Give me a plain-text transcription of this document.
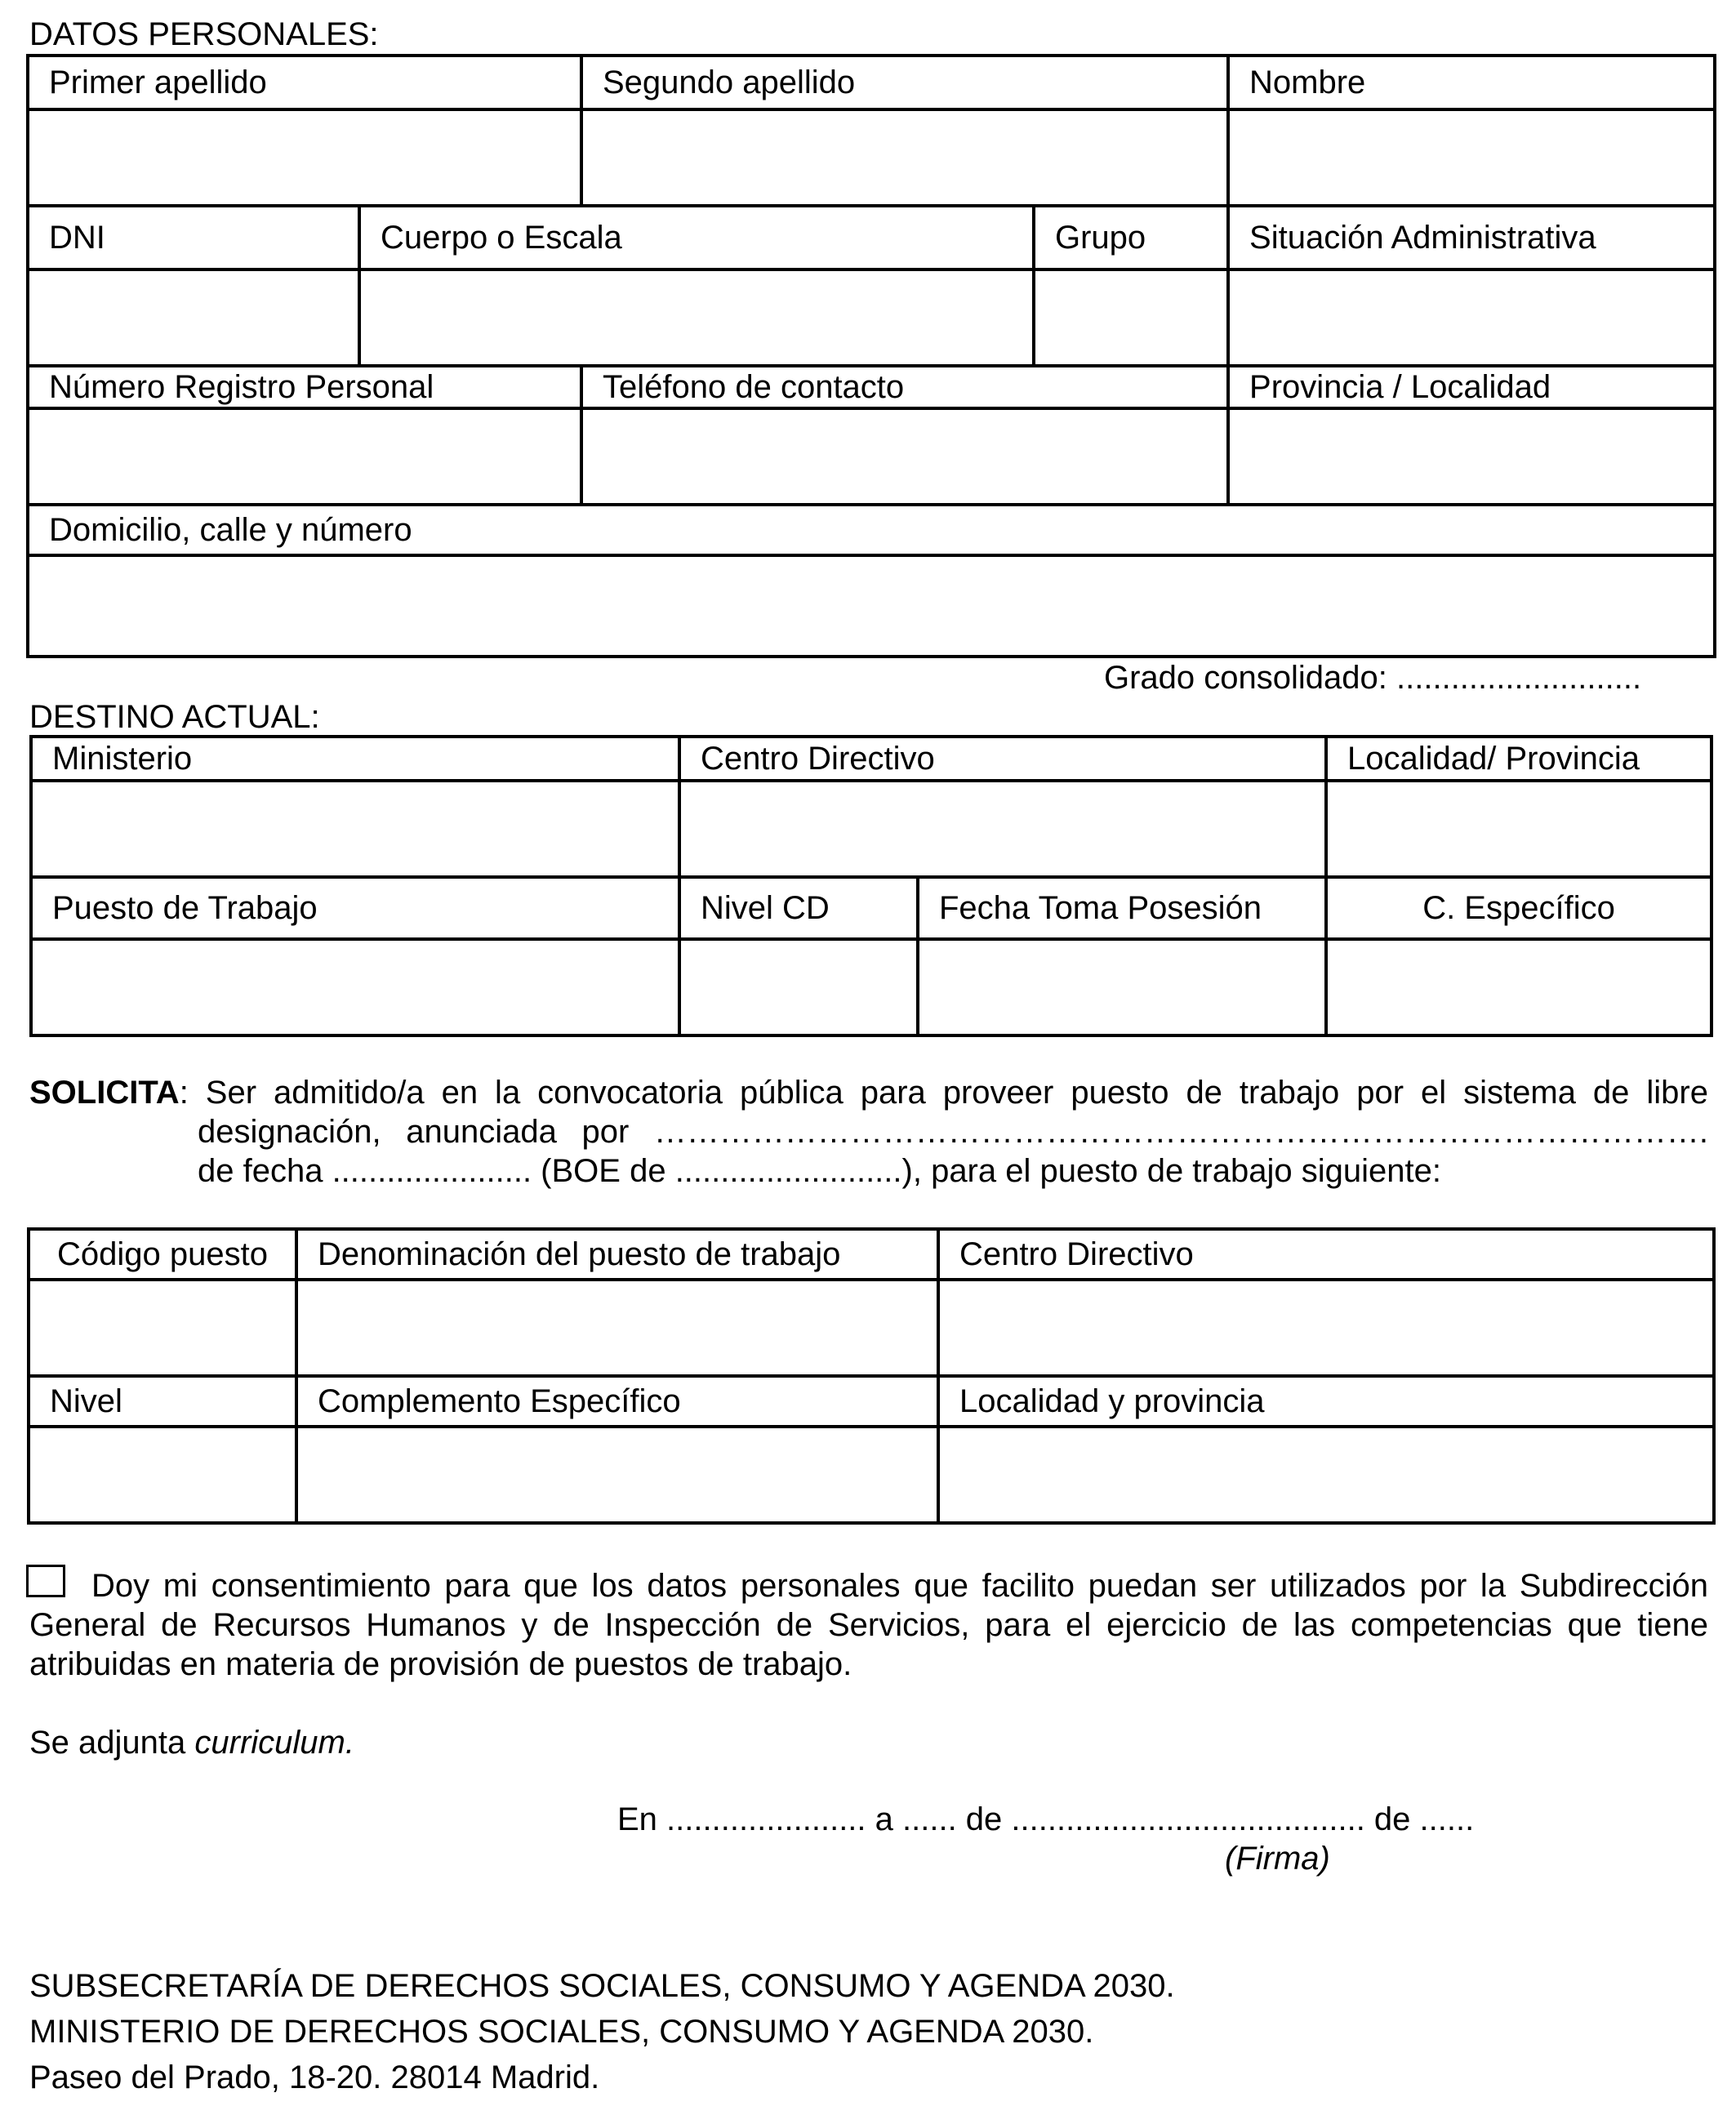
DATOS PERSONALES:
Primer apellido		Segundo apellido		Nombre

DNI	Cuerpo o Escala		Grupo	Situación Administrativa

Número Registro Personal		Teléfono de contacto		Provincia / Localidad

Domicilio, calle y número				

Grado consolidado: ...........................
DESTINO ACTUAL:
Ministerio	Centro Directivo		Localidad/ Provincia

Puesto de Trabajo	Nivel CD	Fecha Toma Posesión	C. Específico

SOLICITA: Ser admitido/a en la convocatoria pública para proveer puesto de trabajo por el sistema de libre
designación, anunciada por …………………………………………………………………………………….
de fecha ...................... (BOE de .........................), para el puesto de trabajo siguiente:
Código puesto	Denominación del puesto de trabajo	Centro Directivo

Nivel	Complemento Específico	Localidad y provincia

Doy mi consentimiento para que los datos personales que facilito puedan ser utilizados por la Subdirección
General de Recursos Humanos y de Inspección de Servicios, para el ejercicio de las competencias que tiene
atribuidas en materia de provisión de puestos de trabajo.
Se adjunta curriculum.
En ...................... a ...... de ....................................... de ......
(Firma)
SUBSECRETARÍA DE DERECHOS SOCIALES, CONSUMO Y AGENDA 2030.
MINISTERIO DE DERECHOS SOCIALES, CONSUMO Y AGENDA 2030.
Paseo del Prado, 18-20. 28014 Madrid.
